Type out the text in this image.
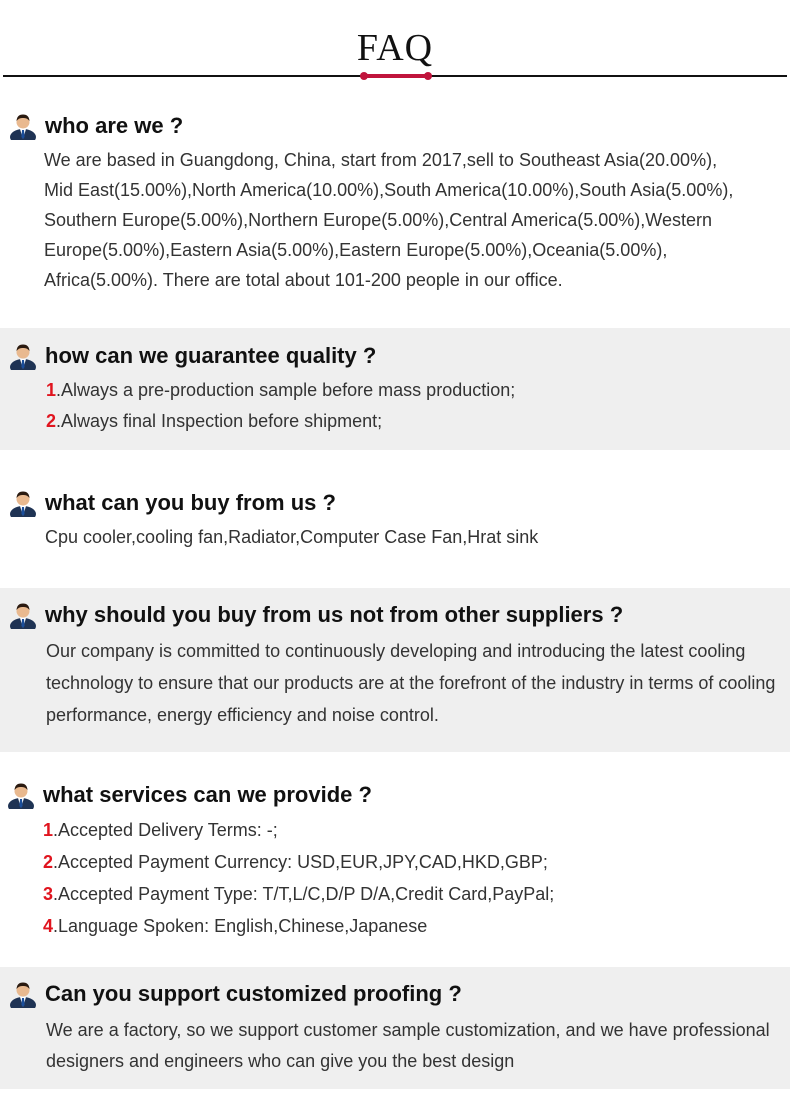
FAQ
who are we ?
We are based in Guangdong, China, start from 2017,sell to Southeast Asia(20.00%),
Mid East(15.00%),North America(10.00%),South America(10.00%),South Asia(5.00%),
Southern Europe(5.00%),Northern Europe(5.00%),Central America(5.00%),Western
Europe(5.00%),Eastern Asia(5.00%),Eastern Europe(5.00%),Oceania(5.00%),
Africa(5.00%). There are total about 101-200 people in our office.
how can we guarantee quality ?
1.Always a pre-production sample before mass production;
2.Always final Inspection before shipment;
what can you buy from us ?
Cpu cooler,cooling fan,Radiator,Computer Case Fan,Hrat sink
why should you buy from us not from other suppliers ?
Our company is committed to continuously developing and introducing the latest cooling
technology to ensure that our products are at the forefront of the industry in terms of cooling
performance, energy efficiency and noise control.
what services can we provide ?
1.Accepted Delivery Terms: -;
2.Accepted Payment Currency: USD,EUR,JPY,CAD,HKD,GBP;
3.Accepted Payment Type: T/T,L/C,D/P D/A,Credit Card,PayPal;
4.Language Spoken: English,Chinese,Japanese
Can you support customized proofing ?
We are a factory, so we support customer sample customization, and we have professional
designers and engineers who can give you the best design
